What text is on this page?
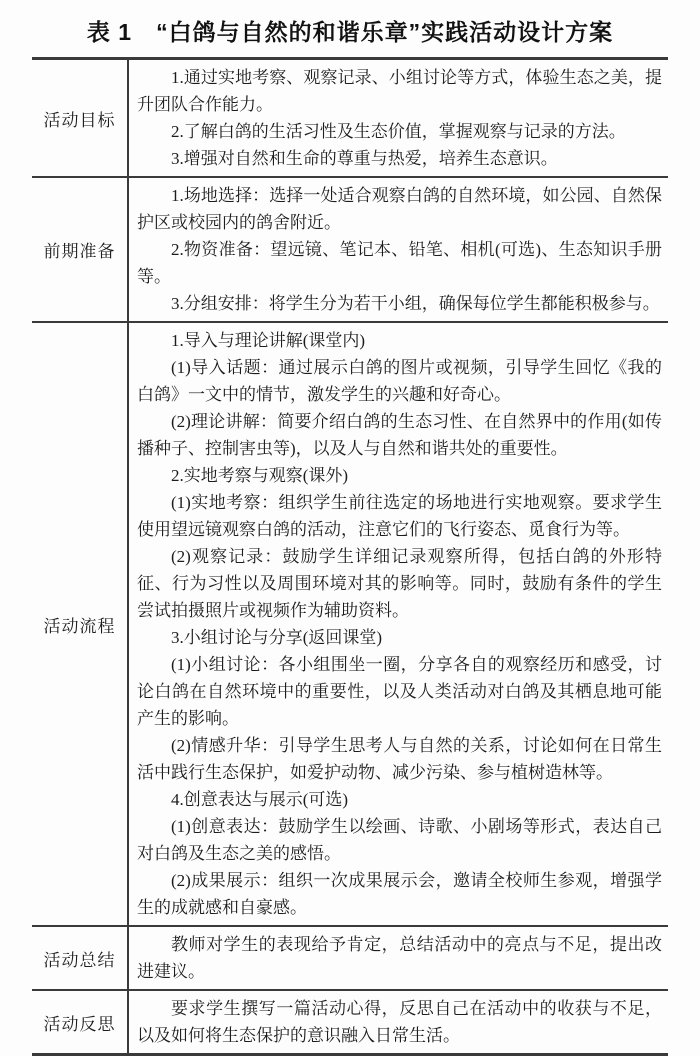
表 1　“白鸽与自然的和谐乐章”实践活动设计方案
活动目标

1.通过实地考察、观察记录、小组讨论等方式，体验生态之美，提升团队合作能力。

2.了解白鸽的生活习性及生态价值，掌握观察与记录的方法。

3.增强对自然和生命的尊重与热爱，培养生态意识。

前期准备

1.场地选择：选择一处适合观察白鸽的自然环境，如公园、自然保护区或校园内的鸽舍附近。

2.物资准备：望远镜、笔记本、铅笔、相机(可选)、生态知识手册等。

3.分组安排：将学生分为若干小组，确保每位学生都能积极参与。

活动流程

1.导入与理论讲解(课堂内)

(1)导入话题：通过展示白鸽的图片或视频，引导学生回忆《我的白鸽》一文中的情节，激发学生的兴趣和好奇心。

(2)理论讲解：简要介绍白鸽的生态习性、在自然界中的作用(如传播种子、控制害虫等)，以及人与自然和谐共处的重要性。

2.实地考察与观察(课外)

(1)实地考察：组织学生前往选定的场地进行实地观察。要求学生使用望远镜观察白鸽的活动，注意它们的飞行姿态、觅食行为等。

(2)观察记录：鼓励学生详细记录观察所得，包括白鸽的外形特征、行为习性以及周围环境对其的影响等。同时，鼓励有条件的学生尝试拍摄照片或视频作为辅助资料。

3.小组讨论与分享(返回课堂)

(1)小组讨论：各小组围坐一圈，分享各自的观察经历和感受，讨论白鸽在自然环境中的重要性，以及人类活动对白鸽及其栖息地可能产生的影响。

(2)情感升华：引导学生思考人与自然的关系，讨论如何在日常生活中践行生态保护，如爱护动物、减少污染、参与植树造林等。

4.创意表达与展示(可选)

(1)创意表达：鼓励学生以绘画、诗歌、小剧场等形式，表达自己对白鸽及生态之美的感悟。

(2)成果展示：组织一次成果展示会，邀请全校师生参观，增强学生的成就感和自豪感。

活动总结

教师对学生的表现给予肯定，总结活动中的亮点与不足，提出改进建议。

活动反思

要求学生撰写一篇活动心得，反思自己在活动中的收获与不足，以及如何将生态保护的意识融入日常生活。
